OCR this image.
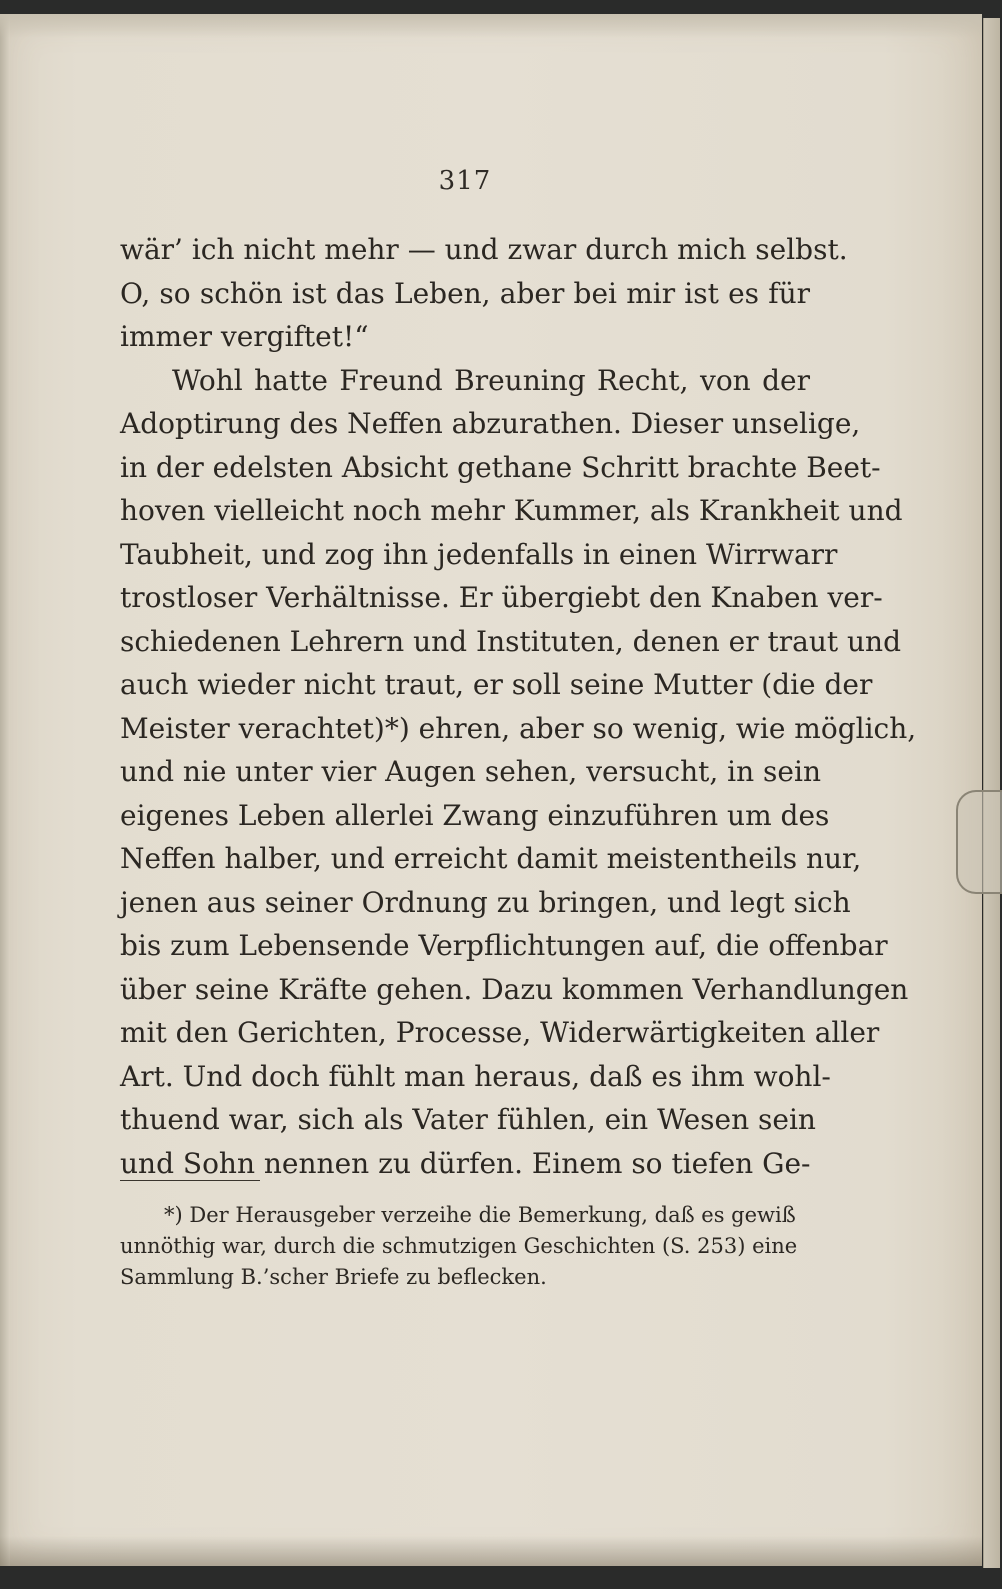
317
wär’ ich nicht mehr — und zwar durch mich selbst.
O, so schön ist das Leben, aber bei mir ist es für
immer vergiftet!“
Wohl hatte Freund Breuning Recht, von der
Adoptirung des Neffen abzurathen. Dieser unselige,
in der edelsten Absicht gethane Schritt brachte Beet-
hoven vielleicht noch mehr Kummer, als Krankheit und
Taubheit, und zog ihn jedenfalls in einen Wirrwarr
trostloser Verhältnisse. Er übergiebt den Knaben ver-
schiedenen Lehrern und Instituten, denen er traut und
auch wieder nicht traut, er soll seine Mutter (die der
Meister verachtet)*) ehren, aber so wenig, wie möglich,
und nie unter vier Augen sehen, versucht, in sein
eigenes Leben allerlei Zwang einzuführen um des
Neffen halber, und erreicht damit meistentheils nur,
jenen aus seiner Ordnung zu bringen, und legt sich
bis zum Lebensende Verpflichtungen auf, die offenbar
über seine Kräfte gehen. Dazu kommen Verhandlungen
mit den Gerichten, Processe, Widerwärtigkeiten aller
Art. Und doch fühlt man heraus, daß es ihm wohl-
thuend war, sich als Vater fühlen, ein Wesen sein
und Sohn nennen zu dürfen. Einem so tiefen Ge-
*) Der Herausgeber verzeihe die Bemerkung, daß es gewiß
unnöthig war, durch die schmutzigen Geschichten (S. 253) eine
Sammlung B.’scher Briefe zu beflecken.
